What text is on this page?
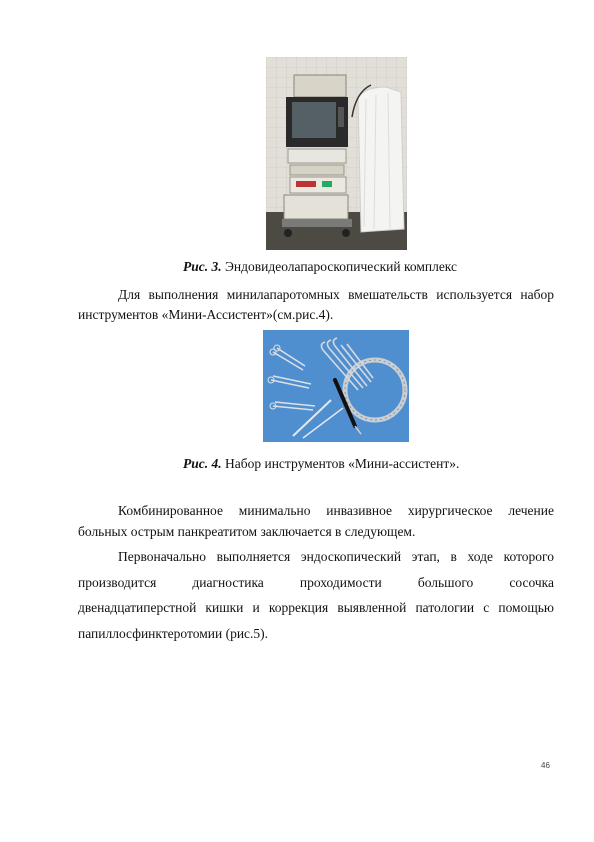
Рис. 3. Эндовидеолапароскопический комплекс
Для выполнения минилапаротомных вмешательств используется набор
инструментов «Мини-Ассистент»(см.рис.4).
Рис. 4. Набор инструментов «Мини-ассистент».
Комбинированное минимально инвазивное хирургическое лечение
больных острым панкреатитом заключается в следующем.
Первоначально выполняется эндоскопический этап, в ходе которого
производится диагностика проходимости большого сосочка
двенадцатиперстной кишки и коррекция выявленной патологии с помощью
папиллосфинктеротомии (рис.5).
46
